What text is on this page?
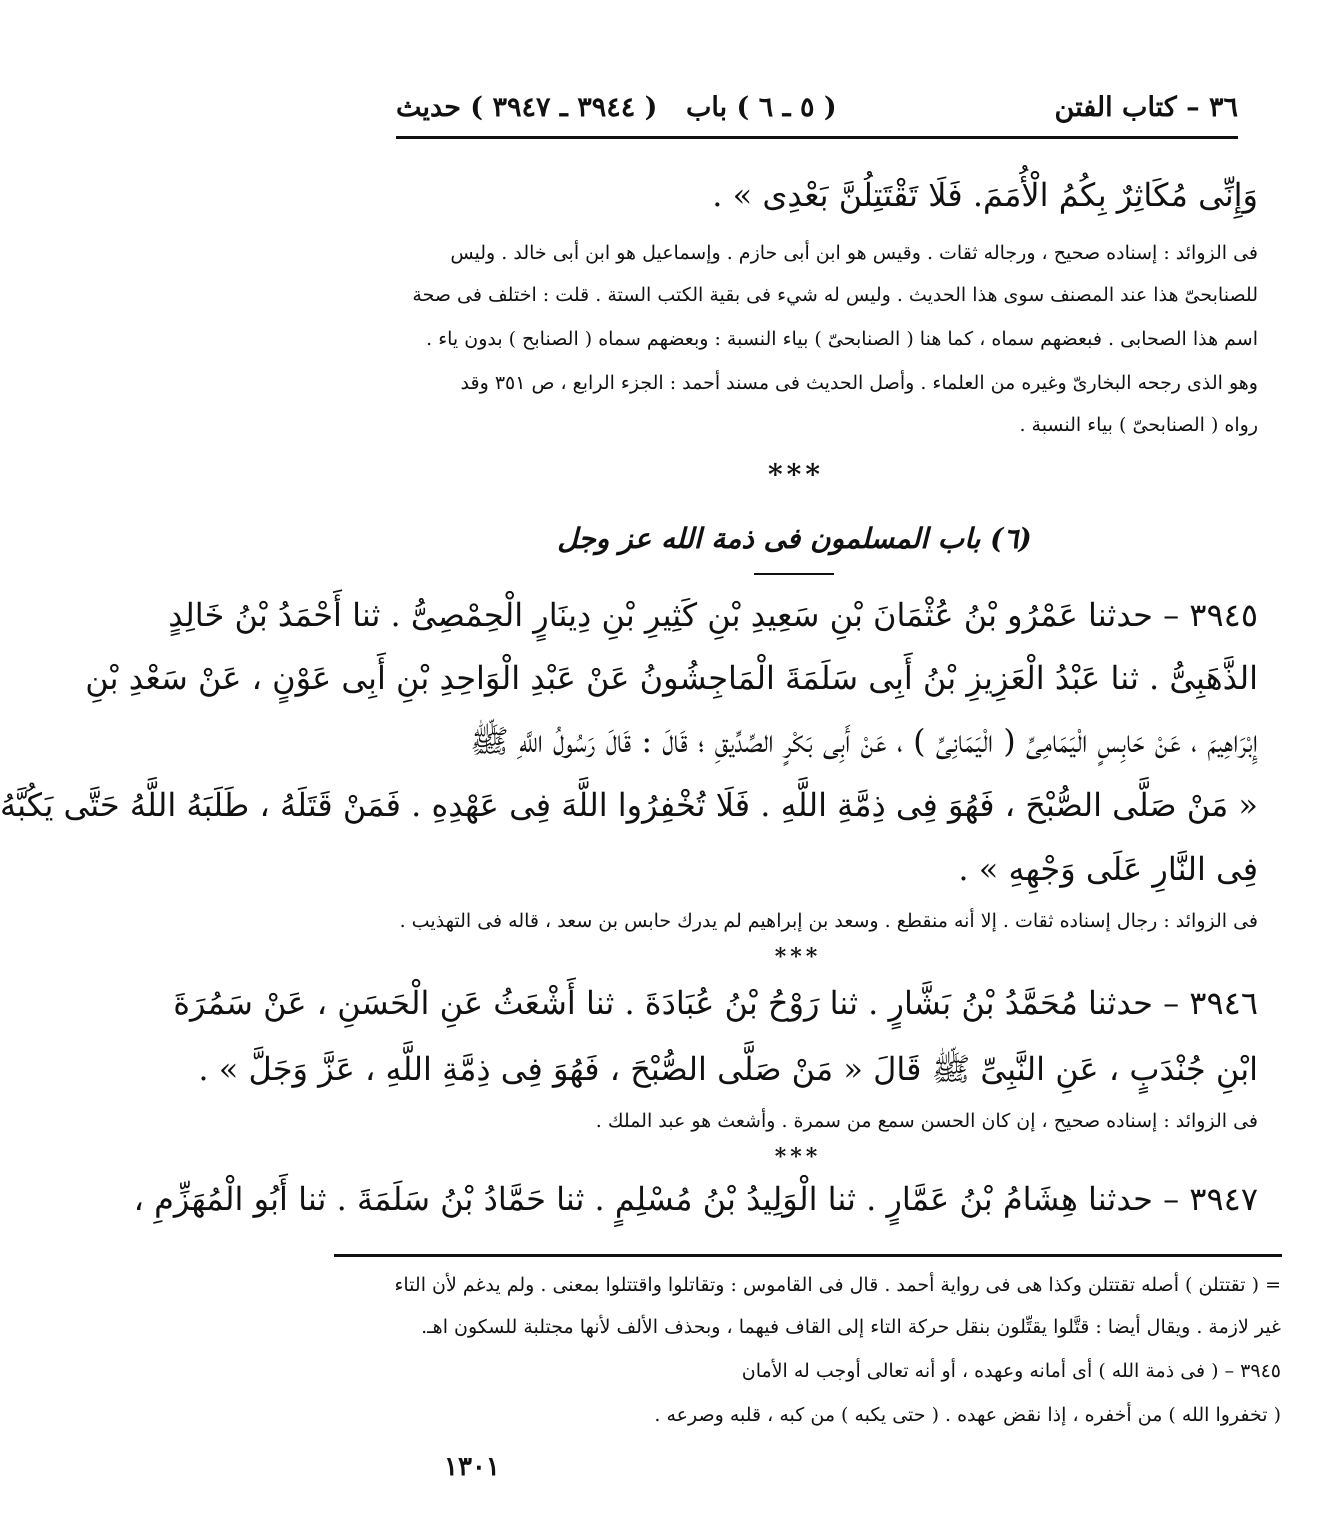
٣٦ – كتاب الفتن
( ٥ ـ ٦ ) باب
( ٣٩٤٤ ـ ٣٩٤٧ ) حديث
وَإِنِّى مُكَاثِرٌ بِكُمُ الْأُمَمَ. فَلَا تَقْتَتِلُنَّ بَعْدِى » .
فى الزوائد : إسناده صحيح ، ورجاله ثقات . وقيس هو ابن أبى حازم . وإسماعيل هو ابن أبى خالد . وليس
للصنابحىّ هذا عند المصنف سوى هذا الحديث . وليس له شيء فى بقية الكتب الستة . قلت : اختلف فى صحة
اسم هذا الصحابى . فبعضهم سماه ، كما هنا ( الصنابحىّ ) بياء النسبة : وبعضهم سماه ( الصنابح ) بدون ياء .
وهو الذى رجحه البخارىّ وغيره من العلماء . وأصل الحديث فى مسند أحمد : الجزء الرابع ، ص ٣٥١ وقد
رواه ( الصنابحىّ ) بياء النسبة .
***
(٦) باب المسلمون فى ذمة الله عز وجل
٣٩٤٥ – حدثنا عَمْرُو بْنُ عُثْمَانَ بْنِ سَعِيدِ بْنِ كَثِيرِ بْنِ دِينَارٍ الْحِمْصِىُّ . ثنا أَحْمَدُ بْنُ خَالِدٍ
الذَّهَبِىُّ . ثنا عَبْدُ الْعَزِيزِ بْنُ أَبِى سَلَمَةَ الْمَاجِشُونُ عَنْ عَبْدِ الْوَاحِدِ بْنِ أَبِى عَوْنٍ ، عَنْ سَعْدِ بْنِ
إِبْرَاهِيمَ ، عَنْ حَابِسٍ الْيَمَامِىِّ ( الْيَمَانِىِّ ) ، عَنْ أَبِى بَكْرٍ الصِّدِّيقِ ؛ قَالَ : قَالَ رَسُولُ اللَّهِ ﷺ
« مَنْ صَلَّى الصُّبْحَ ، فَهُوَ فِى ذِمَّةِ اللَّهِ . فَلَا تُخْفِرُوا اللَّهَ فِى عَهْدِهِ . فَمَنْ قَتَلَهُ ، طَلَبَهُ اللَّهُ حَتَّى يَكُبَّهُ
فِى النَّارِ عَلَى وَجْهِهِ » .
فى الزوائد : رجال إسناده ثقات . إلا أنه منقطع . وسعد بن إبراهيم لم يدرك حابس بن سعد ، قاله فى التهذيب .
***
٣٩٤٦ – حدثنا مُحَمَّدُ بْنُ بَشَّارٍ . ثنا رَوْحُ بْنُ عُبَادَةَ . ثنا أَشْعَثُ عَنِ الْحَسَنِ ، عَنْ سَمُرَةَ
ابْنِ جُنْدَبٍ ، عَنِ النَّبِىِّ ﷺ قَالَ « مَنْ صَلَّى الصُّبْحَ ، فَهُوَ فِى ذِمَّةِ اللَّهِ ، عَزَّ وَجَلَّ » .
فى الزوائد : إسناده صحيح ، إن كان الحسن سمع من سمرة . وأشعث هو عبد الملك .
***
٣٩٤٧ – حدثنا هِشَامُ بْنُ عَمَّارٍ . ثنا الْوَلِيدُ بْنُ مُسْلِمٍ . ثنا حَمَّادُ بْنُ سَلَمَةَ . ثنا أَبُو الْمُهَزِّمِ ،
= ( تقتتلن ) أصله تقتتلن وكذا هى فى رواية أحمد . قال فى القاموس : وتقاتلوا واقتتلوا بمعنى . ولم يدغم لأن التاء
غير لازمة . ويقال أيضا : قتَّلوا يقتِّلون بنقل حركة التاء إلى القاف فيهما ، وبحذف الألف لأنها مجتلبة للسكون اهـ.
٣٩٤٥ – ( فى ذمة الله ) أى أمانه وعهده ، أو أنه تعالى أوجب له الأمان
( تخفروا الله ) من أخفره ، إذا نقض عهده . ( حتى يكبه ) من كبه ، قلبه وصرعه .
١٣٠١
